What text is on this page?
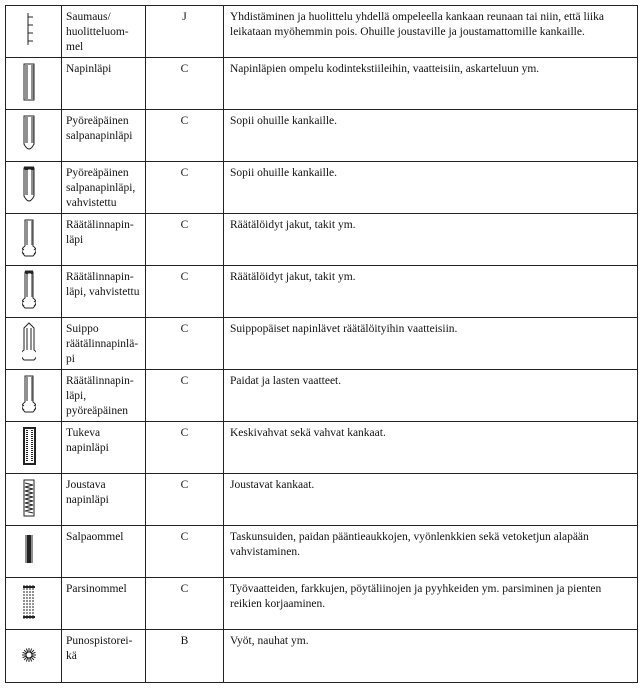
	Saumaus/
huolitteluom-
mel	J	Yhdistäminen ja huolittelu yhdellä ompeleella kankaan reunaan tai niin, että liika leikataan myöhemmin pois. Ohuille joustaville ja joustamattomille kankaille.

	Napinläpi	C	Napinläpien ompelu kodintekstiileihin, vaatteisiin, askarteluun ym.

	Pyöreäpäinen
salpanapinläpi	C	Sopii ohuille kankaille.

	Pyöreäpäinen
salpanapinläpi,
vahvistettu	C	Sopii ohuille kankaille.

	Räätälinnapin-
läpi	C	Räätälöidyt jakut, takit ym.

	Räätälinnapin-
läpi, vahvistettu	C	Räätälöidyt jakut, takit ym.

	Suippo
räätälinnapinlä-
pi	C	Suippopäiset napinlävet räätälöityihin vaatteisiin.

	Räätälinnapin-
läpi,
pyöreäpäinen	C	Paidat ja lasten vaatteet.

	Tukeva
napinläpi	C	Keskivahvat sekä vahvat kankaat.

	Joustava
napinläpi	C	Joustavat kankaat.

	Salpaommel	C	Taskunsuiden, paidan pääntieaukkojen, vyönlenkkien sekä vetoketjun alapään vahvistaminen.

	Parsinommel	C	Työvaatteiden, farkkujen, pöytäliinojen ja pyyhkeiden ym. parsiminen ja pienten reikien korjaaminen.

	Punospistorei-
kä	B	Vyöt, nauhat ym.
